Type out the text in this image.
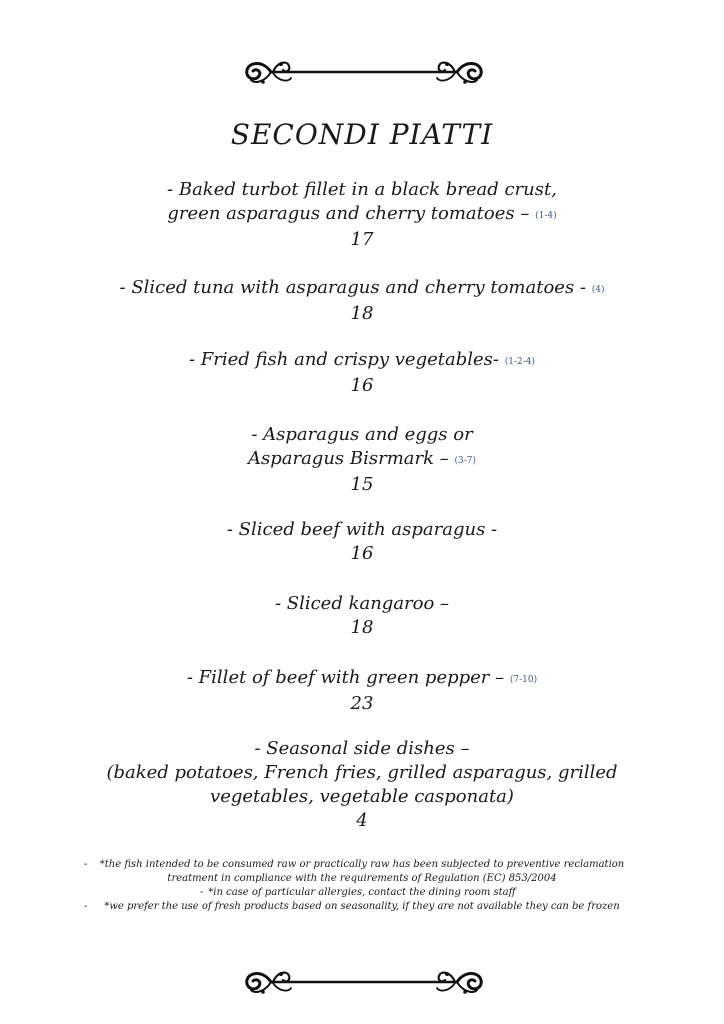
SECONDI PIATTI
- Baked turbot fillet in a black bread crust,
green asparagus and cherry tomatoes – (1-4)
17
- Sliced tuna with asparagus and cherry tomatoes - (4)
18
- Fried fish and crispy vegetables- (1-2-4)
16
- Asparagus and eggs or
Asparagus Bisrmark – (3-7)
15
- Sliced beef with asparagus -
16
- Sliced kangaroo –
18
- Fillet of beef with green pepper – (7-10)
23
- Seasonal side dishes –
(baked potatoes, French fries, grilled asparagus, grilled
vegetables, vegetable casponata)
4
-	*the fish intended to be consumed raw or practically raw has been subjected to preventive reclamation
treatment in compliance with the requirements of Regulation (EC) 853/2004
- *in case of particular allergies, contact the dining room staff
-	*we prefer the use of fresh products based on seasonality, if they are not available they can be frozen
